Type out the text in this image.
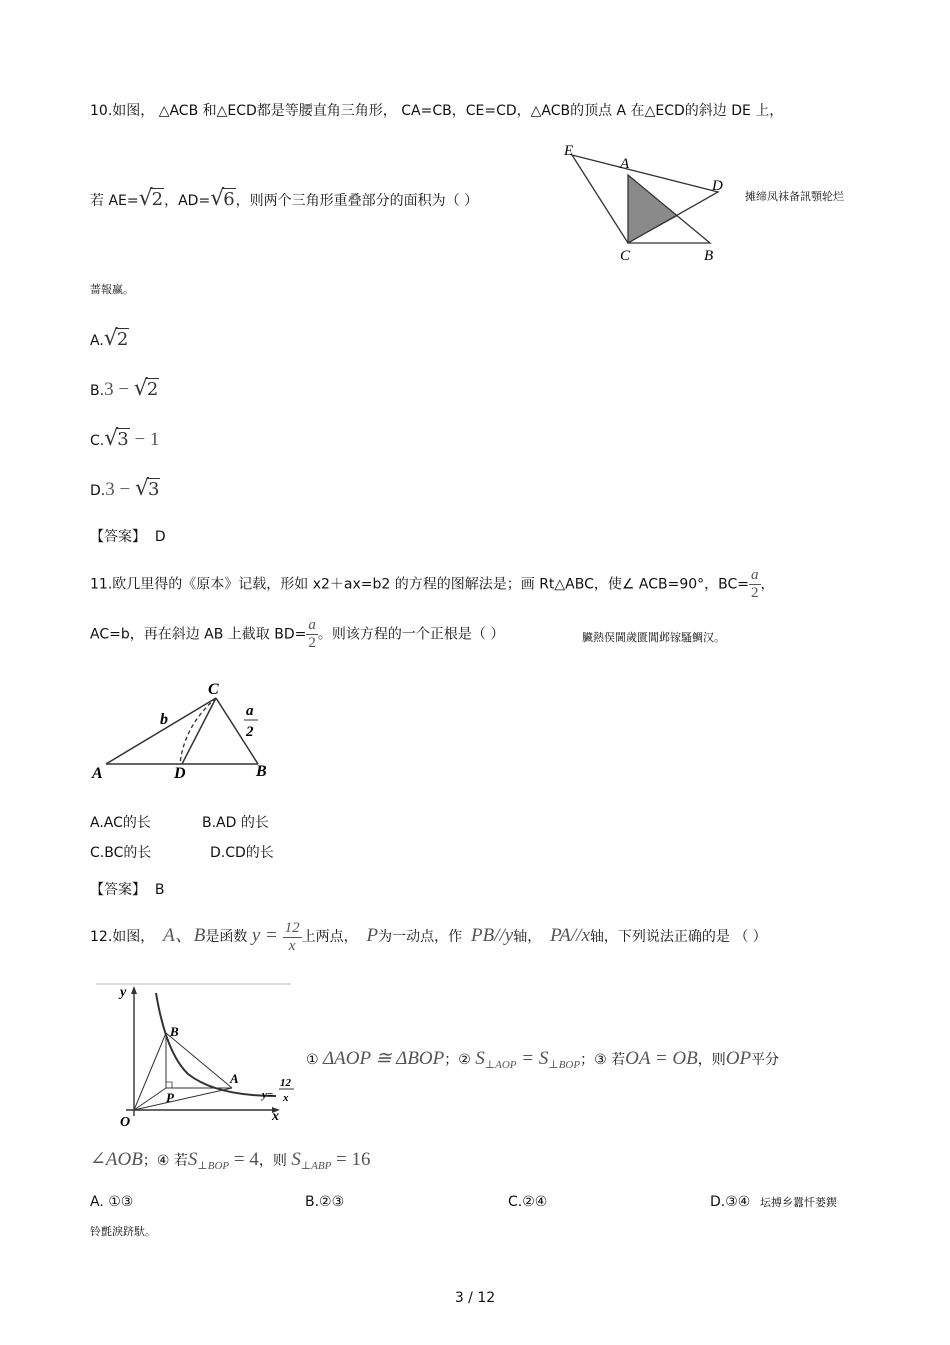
10.如图， △ACB 和△ECD都是等腰直角三角形， CA=CB，CE=CD，△ACB的顶点 A 在△ECD的斜边 DE 上，
若 AE=√2，AD=√6，则两个三角形重叠部分的面积为（ ）
E
A
D
C	B
摊缔凤袜备訊顎轮烂
蔷報赢。
A.√2
B.3 − √2
C.√3 − 1
D.3 − √3
【答案】 D
11.欧几里得的《原本》记载，形如 x2＋ax=b2 的方程的图解法是；画 Rt△ABC，使∠ ACB=90°，$BC= \frac{a}{2}$ ，
AC=b，再在斜边 AB 上截取 $BD= \frac{a}{2}$ 。则该方程的一个正根是（ ）	臟熱俣閫歲匱閶邺镓騷鯛汉。
C
b	a
2
A	D	B
A.AC的长	B.AD 的长
C.BC的长	D.CD的长
【答案】 B
12.如图， A、B是函数 $y = \frac{12}{x}$ 上两点， P为一动点，作 PB//y轴， PA//x轴，下列说法正确的是 （ ）
y
B
A
P
O	x
y=
12
x
① ΔAOP ≅ ΔBOP；② $S_{\perp AOP} = S_{\perp BOP}$；③ 若OA = OB，则OP平分
∠AOB；④ 若$S_{\perp BOP} = 4$，则 $S_{\perp ABP} = 16$
A. ①③	B.②③	C.②④	D.③④ 坛搏乡囂忏蒌鍥
铃氈淚跻馱。
3 / 12
